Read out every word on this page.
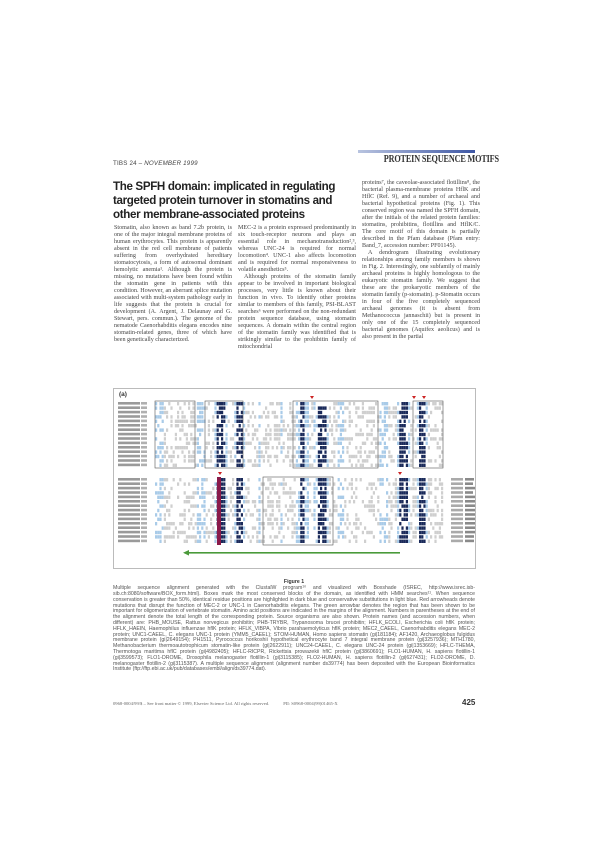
TIBS 24 – NOVEMBER 1999	PROTEIN SEQUENCE MOTIFS
The SPFH domain: implicated in regulating targeted protein turnover in stomatins and other membrane-associated proteins

Stomatin, also known as band 7.2b protein, is one of the major integral membrane proteins of human erythrocytes. This protein is apparently absent in the red cell membrane of patients suffering from overhydrated hereditary stomatocytosis, a form of autosomal dominant hemolytic anemia¹. Although the protein is missing, no mutations have been found within the stomatin gene in patients with this condition. However, an aberrant splice mutation associated with multi-system pathology early in life suggests that the protein is crucial for development (A. Argent, J. Delaunay and G. Stewart, pers. commun.). The genome of the nematode Caenorhabditis elegans encodes nine stomatin-related genes, three of which have been genetically characterized.

MEC-2 is a protein expressed predominantly in six touch-receptor neurons and plays an essential role in mechanotransduction²,³, whereas UNC-24 is required for normal locomotion⁴. UNC-1 also affects locomotion and is required for normal responsiveness to volatile anesthetics⁵.

Although proteins of the stomatin family appear to be involved in important biological processes, very little is known about their function in vivo. To identify other proteins similar to members of this family, PSI-BLAST searches⁶ were performed on the non-redundant protein sequence database, using stomatin sequences. A domain within the central region of the stomatin family was identified that is strikingly similar to the prohibitin family of mitochondrial

proteins⁷, the caveolae-associated flotillins⁸, the bacterial plasma-membrane proteins HflK and HflC (Ref. 9), and a number of archaeal and bacterial hypothetical proteins (Fig. 1). This conserved region was named the SPFH domain, after the initials of the related protein families: stomatins, prohibitins, flotillins and HflK/C. The core motif of this domain is partially described in the Pfam database (Pfam entry: Band_7, accession number: PF01145).

A dendrogram illustrating evolutionary relationships among family members is shown in Fig. 2. Interestingly, one subfamily of mainly archaeal proteins is highly homologous to the eukaryotic stomatin family. We suggest that these are the prokaryotic members of the stomatin family (p-stomatin). p-Stomatin occurs in four of the five completely sequenced archaeal genomes (it is absent from Methanococcus jannaschii) but is present in only one of the 15 completely sequenced bacterial genomes (Aquifex aeolicus) and is also present in the partial

(a)
Figure 1
Multiple sequence alignment generated with the ClustalW program¹⁰ and visualized with Boxshade (ISREC, http://www.isrec.isb-sib.ch:8080/software/BOX_form.html). Boxes mark the most conserved blocks of the domain, as identified with HMM searches¹¹. When sequence conservation is greater than 50%, identical residue positions are highlighted in dark blue and conservative substitutions in light blue. Red arrowheads denote mutations that disrupt the function of MEC-2 or UNC-1 in Caenorhabditis elegans. The green arrowbar denotes the region that has been shown to be important for oligomerization of vertebrate stomatin. Amino acid positions are indicated in the margins of the alignment. Numbers in parentheses at the end of the alignment denote the total length of the corresponding protein. Source organisms are also shown. Protein names (and accession numbers, when different) are: PHB_MOUSE, Rattus norvegicus prohibitin; PHB-TRYBR, Trypanosoma brucei prohibitin; HFLK_ECOLI, Escherichia coli hflK protein; HFLK_HAEIN, Haemophilus influenzae hflK protein; HFLK_VIBPA, Vibrio parahaemolyticus hflK protein; MEC2_CAEEL, Caenorhabditis elegans MEC-2 protein; UNC1-CAEEL, C. elegans UNC-1 protein (YMM5_CAEEL); STOM-HUMAN, Homo sapiens stomatin (gi|181184); AF1420, Archaeoglobus fulgidus membrane protein (gi|2649154); PH1511, Pyrococcus horikoshii hypothetical erythrocyte band 7 integral membrane protein (gi|3257936); MTH1780, Methanobacterium thermoautotrophicum stomatin-like protein (gi|2622911); UNC24-CAEEL, C. elegans UNC-24 protein (gi|1353669); HFLC-THEMA, Thermotoga maritima hflC protein (gi|4982405); HFLC-RICPR, Rickettsia prowazekii hflC protein (gi|3860691); FLO1-HUMAN, H. sapiens flotillin-1 (gi|3599573); FLO1-DROME, Drosophila melanogaster flotillin-1 (gi|3115385); FLO2-HUMAN, H. sapiens flotillin-2 (gi|627431); FLO2-DROME, D. melanogaster flotillin-2 (gi|3115387). A multiple sequence alignment (alignment number ds39774) has been deposited with the European Bioinformatics Institute (ftp://ftp.ebi.ac.uk/pub/databases/embl/align/ds39774.dat).
0968-0004/99/$ – See front matter © 1999, Elsevier Science Ltd. All rights reserved.	PII: S0968-0004(99)01465-X	425
